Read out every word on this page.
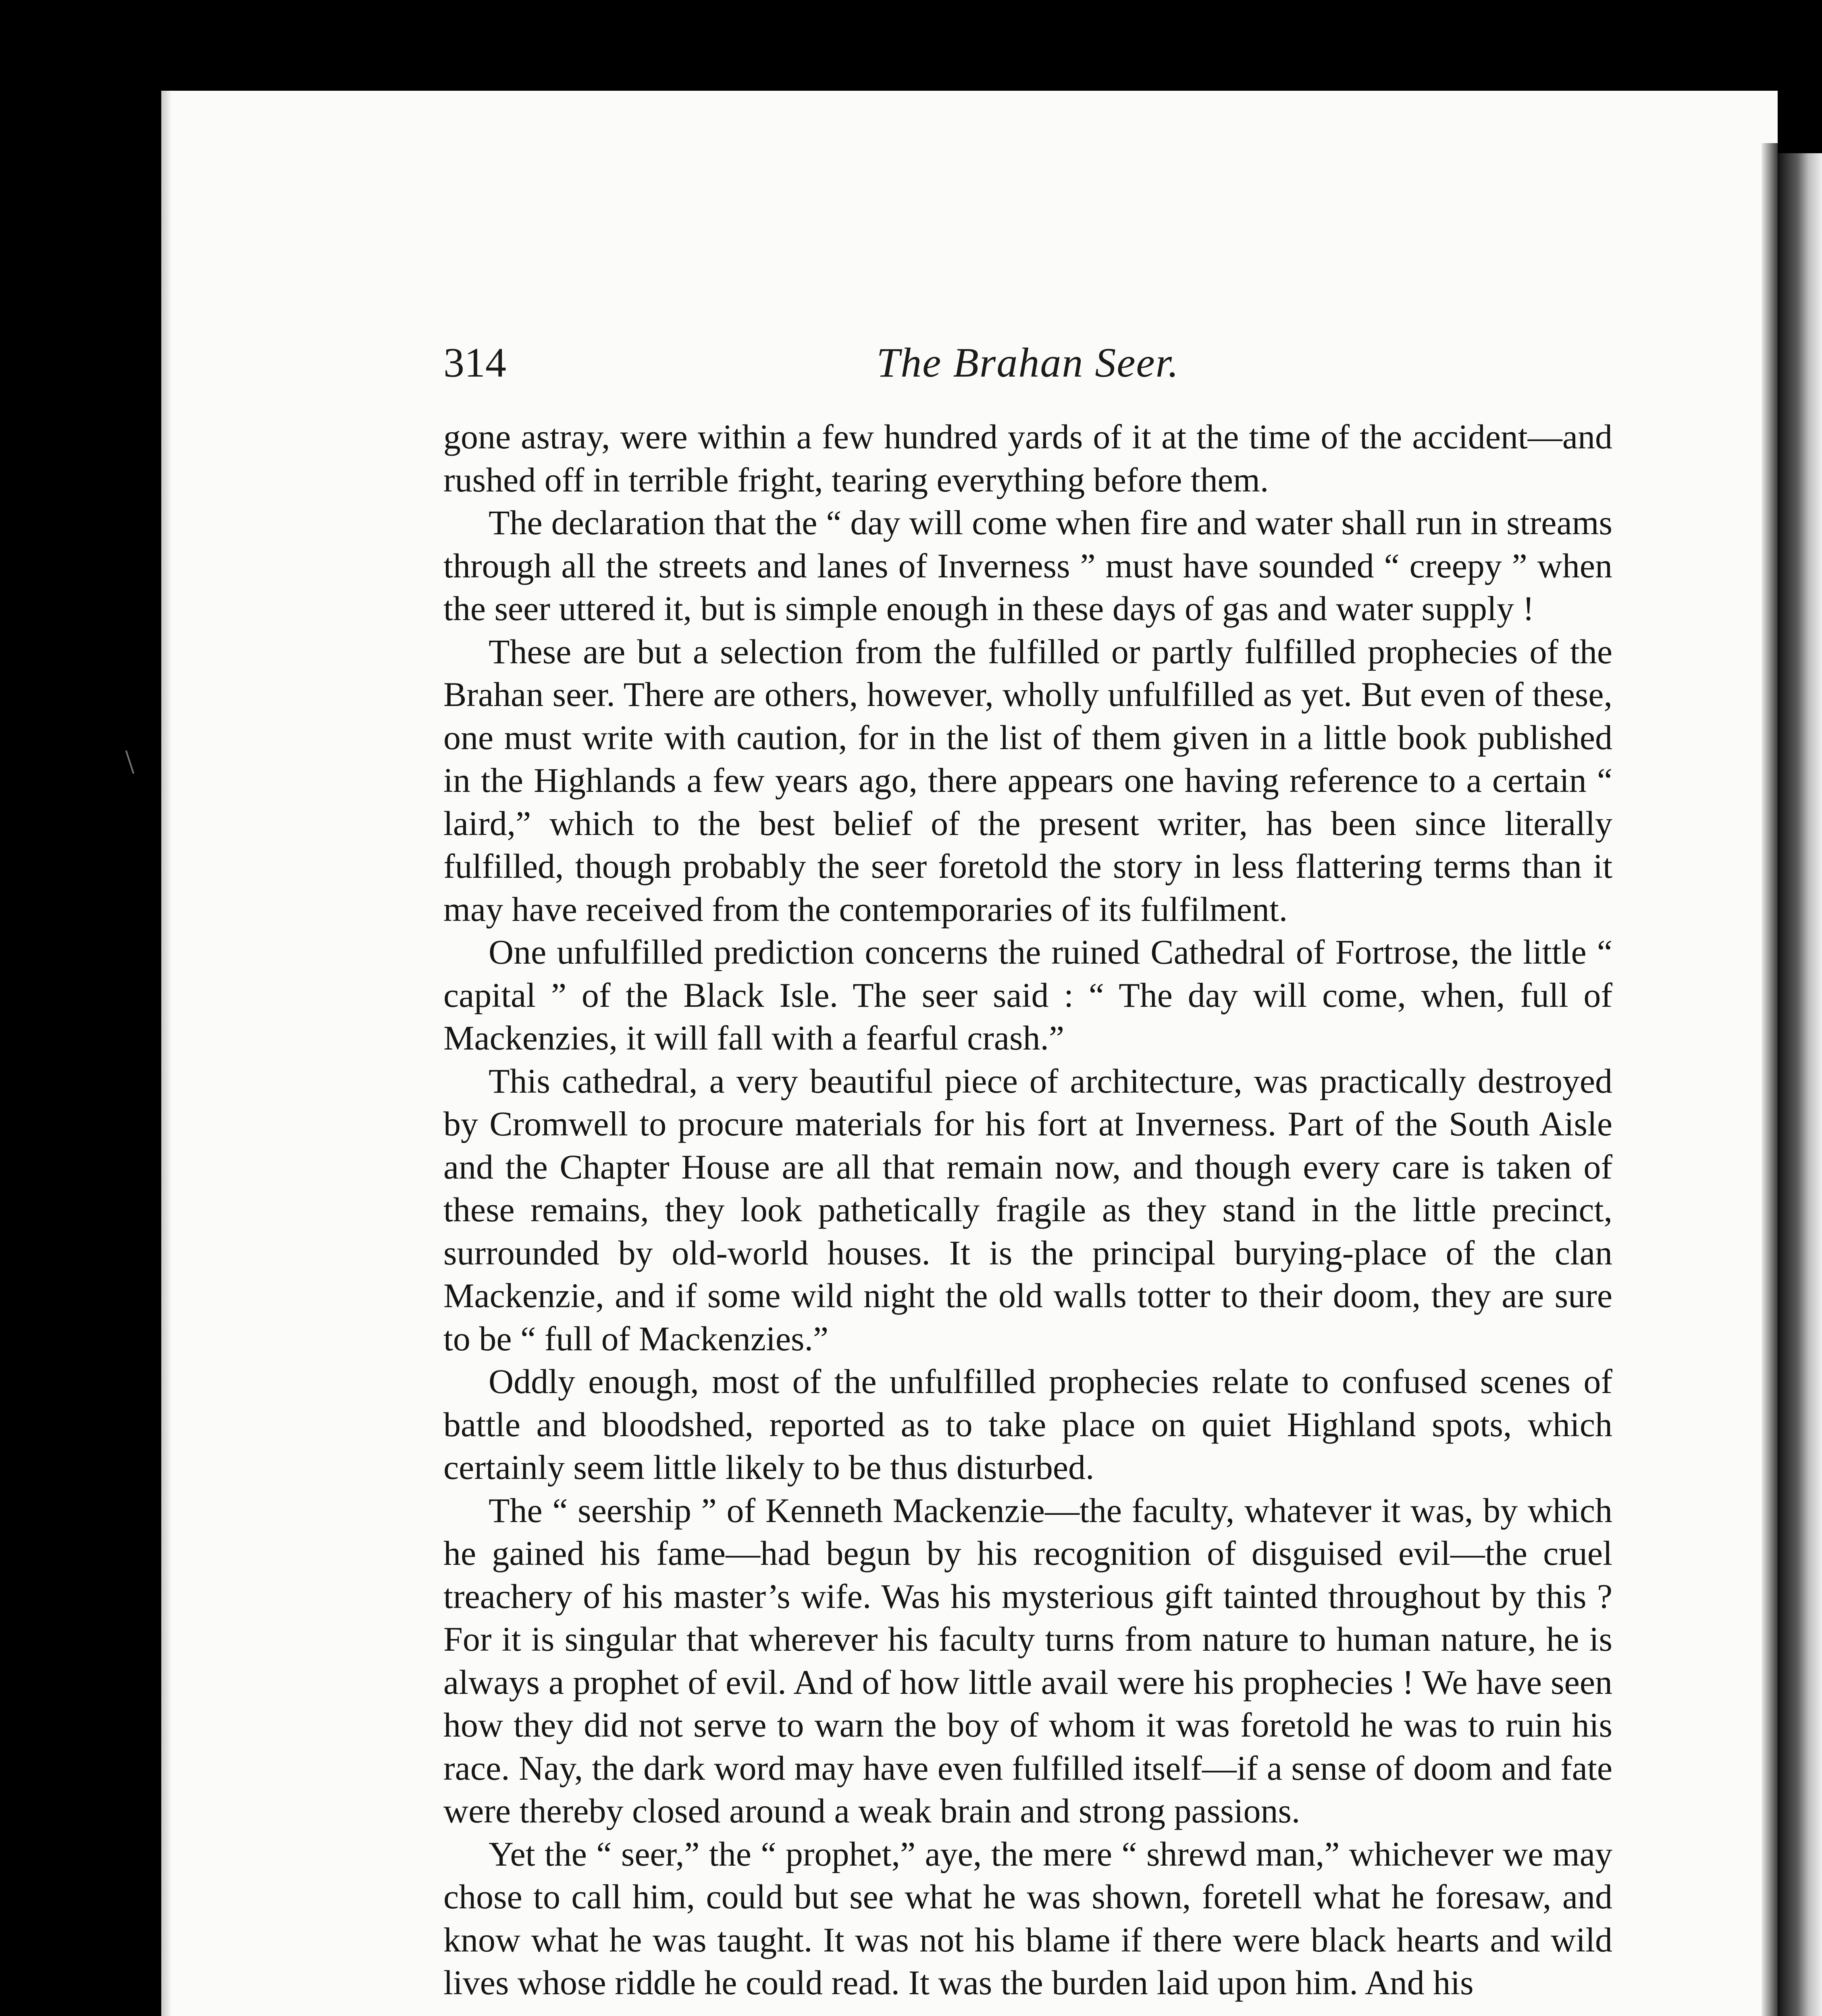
314	The Brahan Seer.

gone astray, were within a few hundred yards of it at the time of the accident—and rushed off in terrible fright, tearing everything before them.

The declaration that the “ day will come when fire and water shall run in streams through all the streets and lanes of Inverness ” must have sounded “ creepy ” when the seer uttered it, but is simple enough in these days of gas and water supply !

These are but a selection from the fulfilled or partly fulfilled prophecies of the Brahan seer. There are others, however, wholly unfulfilled as yet. But even of these, one must write with caution, for in the list of them given in a little book published in the Highlands a few years ago, there appears one having reference to a certain “ laird,” which to the best belief of the present writer, has been since literally fulfilled, though probably the seer foretold the story in less flattering terms than it may have received from the contemporaries of its fulfilment.

One unfulfilled prediction concerns the ruined Cathedral of Fortrose, the little “ capital ” of the Black Isle. The seer said : “ The day will come, when, full of Mackenzies, it will fall with a fearful crash.”

This cathedral, a very beautiful piece of architecture, was practically destroyed by Cromwell to procure materials for his fort at Inverness. Part of the South Aisle and the Chapter House are all that remain now, and though every care is taken of these remains, they look pathetically fragile as they stand in the little precinct, surrounded by old-world houses. It is the principal burying-place of the clan Mackenzie, and if some wild night the old walls totter to their doom, they are sure to be “ full of Mackenzies.”

Oddly enough, most of the unfulfilled prophecies relate to confused scenes of battle and bloodshed, reported as to take place on quiet Highland spots, which certainly seem little likely to be thus disturbed.

The “ seership ” of Kenneth Mackenzie—the faculty, whatever it was, by which he gained his fame—had begun by his recognition of disguised evil—the cruel treachery of his master’s wife. Was his mysterious gift tainted throughout by this ? For it is singular that wherever his faculty turns from nature to human nature, he is always a prophet of evil. And of how little avail were his prophecies ! We have seen how they did not serve to warn the boy of whom it was foretold he was to ruin his race. Nay, the dark word may have even fulfilled itself—if a sense of doom and fate were thereby closed around a weak brain and strong passions.

Yet the “ seer,” the “ prophet,” aye, the mere “ shrewd man,” whichever we may chose to call him, could but see what he was shown, foretell what he foresaw, and know what he was taught. It was not his blame if there were black hearts and wild lives whose riddle he could read. It was the burden laid upon him. And his
